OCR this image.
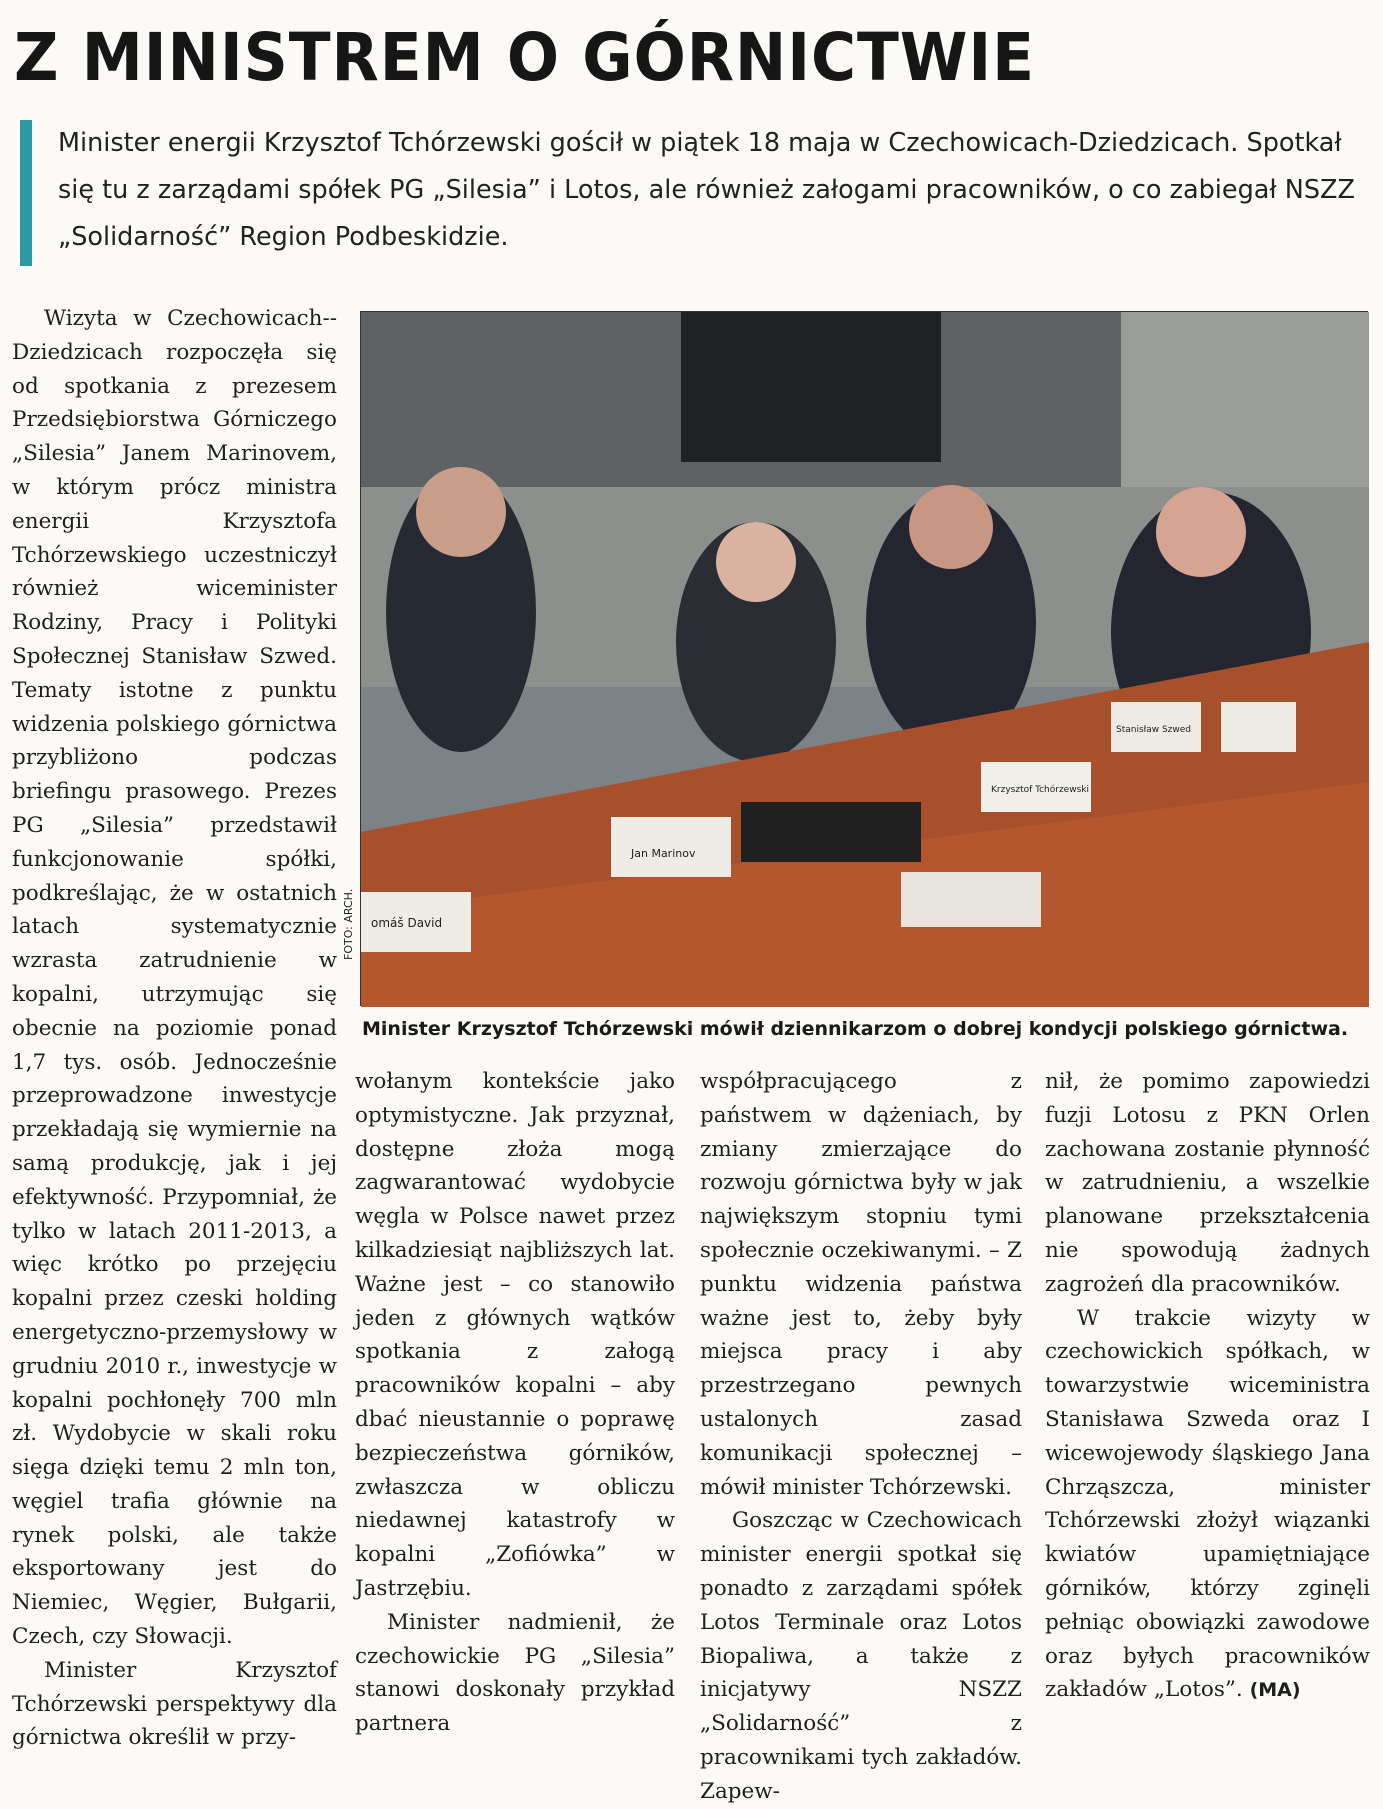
Z MINISTREM O GÓRNICTWIE

Minister energii Krzysztof Tchórzewski gościł w piątek 18 maja w Czechowicach-Dziedzicach. Spotkał się tu z zarządami spółek PG „Silesia” i Lotos, ale również załogami pracowników, o co zabiegał NSZZ „Solidarność” Region Podbeskidzie.

Wizyta w Czechowicach--Dziedzicach rozpoczęła się od spotkania z prezesem Przedsiębiorstwa Górniczego „Silesia” Janem Marinovem, w którym prócz ministra energii Krzysztofa Tchórzewskiego uczestniczył również wiceminister Rodziny, Pracy i Polityki Społecznej Stanisław Szwed. Tematy istotne z punktu widzenia polskiego górnictwa przybliżono podczas briefingu prasowego. Prezes PG „Silesia” przedstawił funkcjonowanie spółki, podkreślając, że w ostatnich latach systematycznie wzrasta zatrudnienie w kopalni, utrzymując się obecnie na poziomie ponad 1,7 tys. osób. Jednocześnie przeprowadzone inwestycje przekładają się wymiernie na samą produkcję, jak i jej efektywność. Przypomniał, że tylko w latach 2011-2013, a więc krótko po przejęciu kopalni przez czeski holding energetyczno-przemysłowy w grudniu 2010 r., inwestycje w kopalni pochłonęły 700 mln zł. Wydobycie w skali roku sięga dzięki temu 2 mln ton, węgiel trafia głównie na rynek polski, ale także eksportowany jest do Niemiec, Węgier, Bułgarii, Czech, czy Słowacji.

Minister Krzysztof Tchórzewski perspektywy dla górnictwa określił w przy-

Jan Marinov
Krzysztof Tchórzewski
Stanisław Szwed
omáš David
FOTO: ARCH.

Minister Krzysztof Tchórzewski mówił dziennikarzom o dobrej kondycji polskiego górnictwa.

wołanym kontekście jako optymistyczne. Jak przyznał, dostępne złoża mogą zagwarantować wydobycie węgla w Polsce nawet przez kilkadziesiąt najbliższych lat. Ważne jest – co stanowiło jeden z głównych wątków spotkania z załogą pracowników kopalni – aby dbać nieustannie o poprawę bezpieczeństwa górników, zwłaszcza w obliczu niedawnej katastrofy w kopalni „Zofiówka” w Jastrzębiu.

Minister nadmienił, że czechowickie PG „Silesia” stanowi doskonały przykład partnera

współpracującego z państwem w dążeniach, by zmiany zmierzające do rozwoju górnictwa były w jak największym stopniu tymi społecznie oczekiwanymi. – Z punktu widzenia państwa ważne jest to, żeby były miejsca pracy i aby przestrzegano pewnych ustalonych zasad komunikacji społecznej – mówił minister Tchórzewski.

Goszcząc w Czechowicach minister energii spotkał się ponadto z zarządami spółek Lotos Terminale oraz Lotos Biopaliwa, a także z inicjatywy NSZZ „Solidarność” z pracownikami tych zakładów. Zapew-

nił, że pomimo zapowiedzi fuzji Lotosu z PKN Orlen zachowana zostanie płynność w zatrudnieniu, a wszelkie planowane przekształcenia nie spowodują żadnych zagrożeń dla pracowników.

W trakcie wizyty w czechowickich spółkach, w towarzystwie wiceministra Stanisława Szweda oraz I wicewojewody śląskiego Jana Chrząszcza, minister Tchórzewski złożył wiązanki kwiatów upamiętniające górników, którzy zginęli pełniąc obowiązki zawodowe oraz byłych pracowników zakładów „Lotos”. (MA)
